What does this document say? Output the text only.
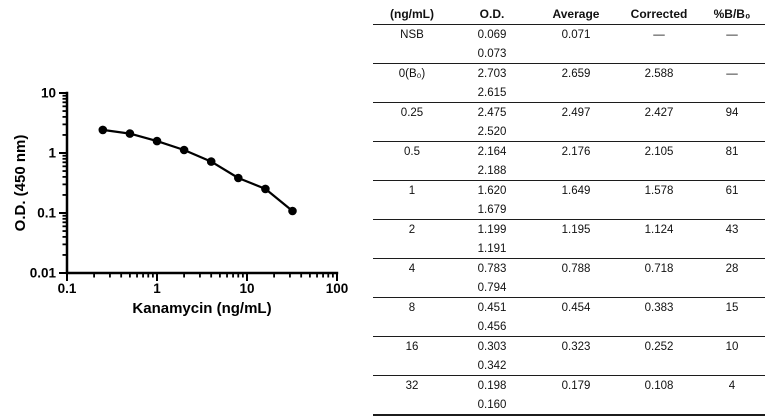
0.1	1	10	100
10
1
0.1
0.01
Kanamycin (ng/mL)
O.D. (450 nm)
(ng/mL)	O.D.	Average	Corrected	%B/B₀
NSB	0.069	0.071	—	—
	0.073			
0(B₀)	2.703	2.659	2.588	—
	2.615			
0.25	2.475	2.497	2.427	94
	2.520			
0.5	2.164	2.176	2.105	81
	2.188			
1	1.620	1.649	1.578	61
	1.679			
2	1.199	1.195	1.124	43
	1.191			
4	0.783	0.788	0.718	28
	0.794			
8	0.451	0.454	0.383	15
	0.456			
16	0.303	0.323	0.252	10
	0.342			
32	0.198	0.179	0.108	4
	0.160			
